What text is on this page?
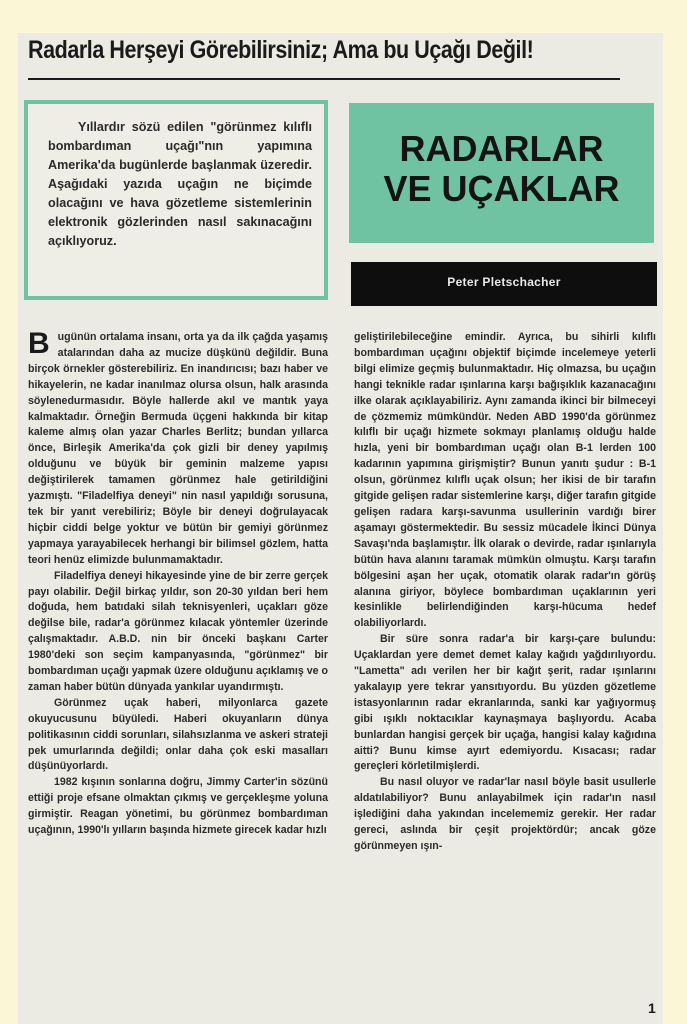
Radarla Herşeyi Görebilirsiniz; Ama bu Uçağı Değil!
Yıllardır sözü edilen "görünmez kılıflı bombardıman uçağı"nın yapımına Amerika'da bugünlerde başlanmak üzeredir. Aşağıdaki yazıda uçağın ne biçimde olacağını ve hava gözetleme sistemlerinin elektronik gözlerinden nasıl sakınacağını açıklıyoruz.
RADARLAR
VE UÇAKLAR
Peter Pletschacher

Bugünün ortalama insanı, orta ya da ilk çağda yaşamış atalarından daha az mucize düşkünü değildir. Buna birçok örnekler gösterebiliriz. En inandırıcısı; bazı haber ve hikayelerin, ne kadar inanılmaz olursa olsun, halk arasında söylenedurmasıdır. Böyle hallerde akıl ve mantık yaya kalmaktadır. Örneğin Bermuda üçgeni hakkında bir kitap kaleme almış olan yazar Charles Berlitz; bundan yıllarca önce, Birleşik Amerika'da çok gizli bir deney yapılmış olduğunu ve büyük bir geminin malzeme yapısı değiştirilerek tamamen görünmez hale getirildiğini yazmıştı. "Filadelfiya deneyi" nin nasıl yapıldığı sorusuna, tek bir yanıt verebiliriz; Böyle bir deneyi doğrulayacak hiçbir ciddi belge yoktur ve bütün bir gemiyi görünmez yapmaya yarayabilecek herhangi bir bilimsel gözlem, hatta teori henüz elimizde bulunmamaktadır.

Filadelfiya deneyi hikayesinde yine de bir zerre gerçek payı olabilir. Değil birkaç yıldır, son 20-30 yıldan beri hem doğuda, hem batıdaki silah teknisyenleri, uçakları göze değilse bile, radar'a görünmez kılacak yöntemler üzerinde çalışmaktadır. A.B.D. nin bir önceki başkanı Carter 1980'deki son seçim kampanyasında, "görünmez" bir bombardıman uçağı yapmak üzere olduğunu açıklamış ve o zaman haber bütün dünyada yankılar uyandırmıştı.

Görünmez uçak haberi, milyonlarca gazete okuyucusunu büyüledi. Haberi okuyanların dünya politikasının ciddi sorunları, silahsızlanma ve askeri strateji pek umurlarında değildi; onlar daha çok eski masalları düşünüyorlardı.

1982 kışının sonlarına doğru, Jimmy Carter'in sözünü ettiği proje efsane olmaktan çıkmış ve gerçekleşme yoluna girmiştir. Reagan yönetimi, bu görünmez bombardıman uçağının, 1990'lı yılların başında hizmete girecek kadar hızlı

geliştirilebileceğine emindir. Ayrıca, bu sihirli kılıflı bombardıman uçağını objektif biçimde incelemeye yeterli bilgi elimize geçmiş bulunmaktadır. Hiç olmazsa, bu uçağın hangi teknikle radar ışınlarına karşı bağışıklık kazanacağını ilke olarak açıklayabiliriz. Aynı zamanda ikinci bir bilmeceyi de çözmemiz mümkündür. Neden ABD 1990'da görünmez kılıflı bir uçağı hizmete sokmayı planlamış olduğu halde hızla, yeni bir bombardıman uçağı olan B-1 lerden 100 kadarının yapımına girişmiştir? Bunun yanıtı şudur : B-1 olsun, görünmez kılıflı uçak olsun; her ikisi de bir tarafın gitgide gelişen radar sistemlerine karşı, diğer tarafın gitgide gelişen radara karşı-savunma usullerinin vardığı birer aşamayı göstermektedir. Bu sessiz mücadele İkinci Dünya Savaşı'nda başlamıştır. İlk olarak o devirde, radar ışınlarıyla bütün hava alanını taramak mümkün olmuştu. Karşı tarafın bölgesini aşan her uçak, otomatik olarak radar'ın görüş alanına giriyor, böylece bombardıman uçaklarının yeri kesinlikle belirlendiğinden karşı-hücuma hedef olabiliyorlardı.

Bir süre sonra radar'a bir karşı-çare bulundu: Uçaklardan yere demet demet kalay kağıdı yağdırılıyordu. "Lametta" adı verilen her bir kağıt şerit, radar ışınlarını yakalayıp yere tekrar yansıtıyordu. Bu yüzden gözetleme istasyonlarının radar ekranlarında, sanki kar yağıyormuş gibi ışıklı noktacıklar kaynaşmaya başlıyordu. Acaba bunlardan hangisi gerçek bir uçağa, hangisi kalay kağıdına aitti? Bunu kimse ayırt edemiyordu. Kısacası; radar gereçleri körletilmişlerdi.

Bu nasıl oluyor ve radar'lar nasıl böyle basit usullerle aldatılabiliyor? Bunu anlayabilmek için radar'ın nasıl işlediğini daha yakından incelememiz gerekir. Her radar gereci, aslında bir çeşit projektördür; ancak göze görünmeyen ışın-

1
